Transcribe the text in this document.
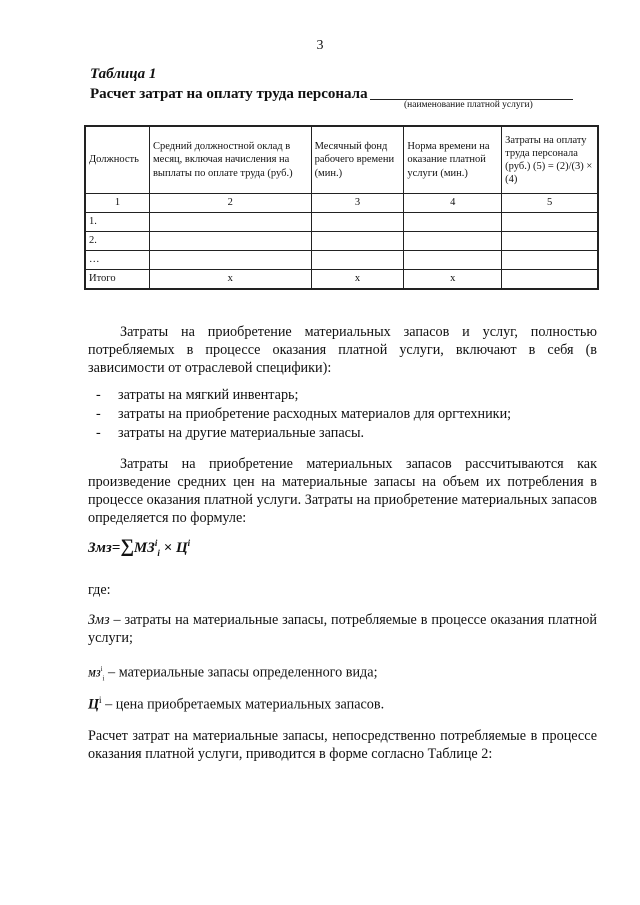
3
Таблица 1
Расчет затрат на оплату труда персонала
(наименование платной услуги)
Должность	Средний должностной оклад в месяц, включая начисления на выплаты по оплате труда (руб.)	Месячный фонд рабочего времени (мин.)	Норма времени на оказание платной услуги (мин.)	Затраты на оплату труда персонала (руб.) (5) = (2)/(3) × (4)
1	2	3	4	5
1.				
2.				
…				
Итого	x	x	x	
Затраты на приобретение материальных запасов и услуг, полностью потребляемых в процессе оказания платной услуги, включают в себя (в зависимости от отраслевой специфики):
- затраты на мягкий инвентарь;
- затраты на приобретение расходных материалов для оргтехники;
- затраты на другие материальные запасы.
Затраты на приобретение материальных запасов рассчитываются как произведение средних цен на материальные запасы на объем их потребления в процессе оказания платной услуги. Затраты на приобретение материальных запасов определяется по формуле:
$Змз=\sum МЗ^i_i \times Ц^i$
где:
Змз – затраты на материальные запасы, потребляемые в процессе оказания платной услуги;
$МЗ^i_i$ – материальные запасы определенного вида;
$Ц^i$ – цена приобретаемых материальных запасов.
Расчет затрат на материальные запасы, непосредственно потребляемые в процессе оказания платной услуги, приводится в форме согласно Таблице 2:
